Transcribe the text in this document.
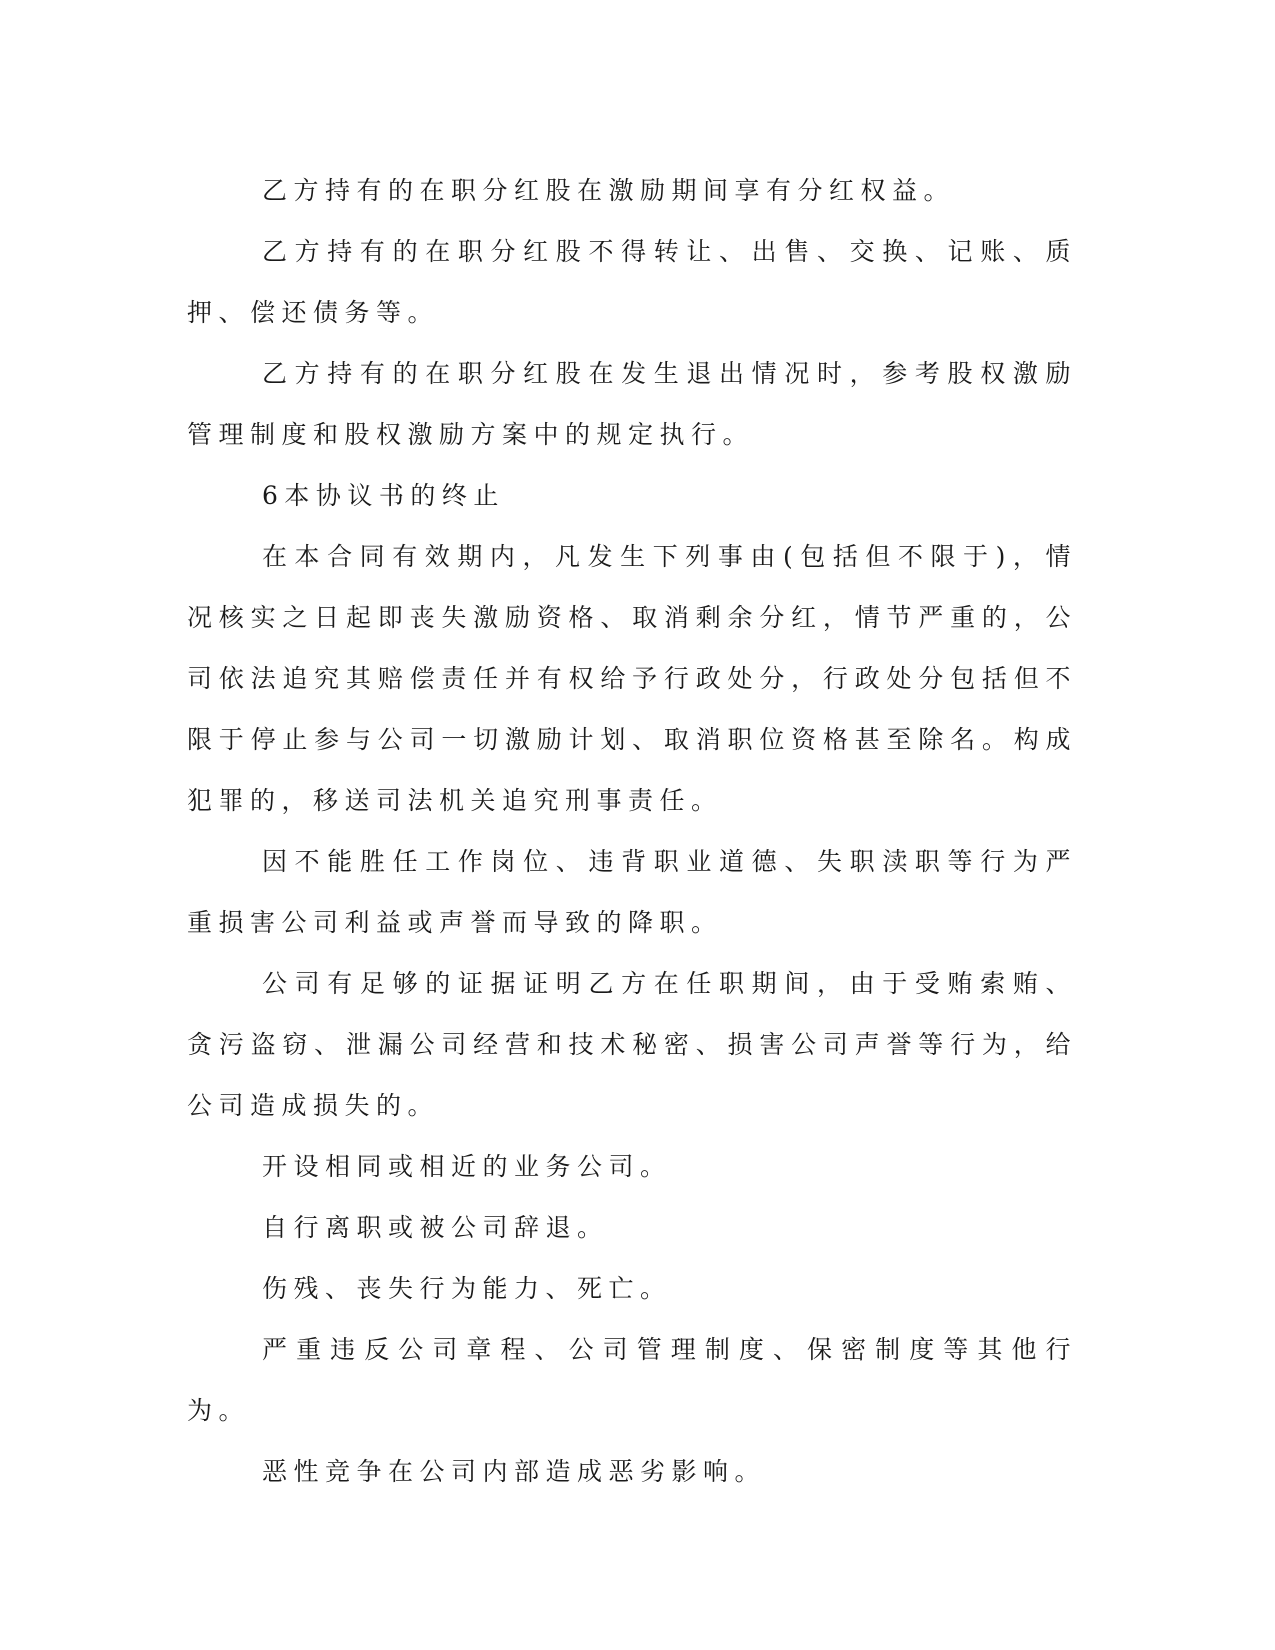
乙方持有的在职分红股在激励期间享有分红权益。

乙方持有的在职分红股不得转让、出售、交换、记账、质押、偿还债务等。

乙方持有的在职分红股在发生退出情况时，参考股权激励管理制度和股权激励方案中的规定执行。

6本协议书的终止

在本合同有效期内，凡发生下列事由(包括但不限于)，情况核实之日起即丧失激励资格、取消剩余分红，情节严重的，公司依法追究其赔偿责任并有权给予行政处分，行政处分包括但不限于停止参与公司一切激励计划、取消职位资格甚至除名。构成犯罪的，移送司法机关追究刑事责任。

因不能胜任工作岗位、违背职业道德、失职渎职等行为严重损害公司利益或声誉而导致的降职。

公司有足够的证据证明乙方在任职期间，由于受贿索贿、贪污盗窃、泄漏公司经营和技术秘密、损害公司声誉等行为，给公司造成损失的。

开设相同或相近的业务公司。

自行离职或被公司辞退。

伤残、丧失行为能力、死亡。

严重违反公司章程、公司管理制度、保密制度等其他行为。

恶性竞争在公司内部造成恶劣影响。
